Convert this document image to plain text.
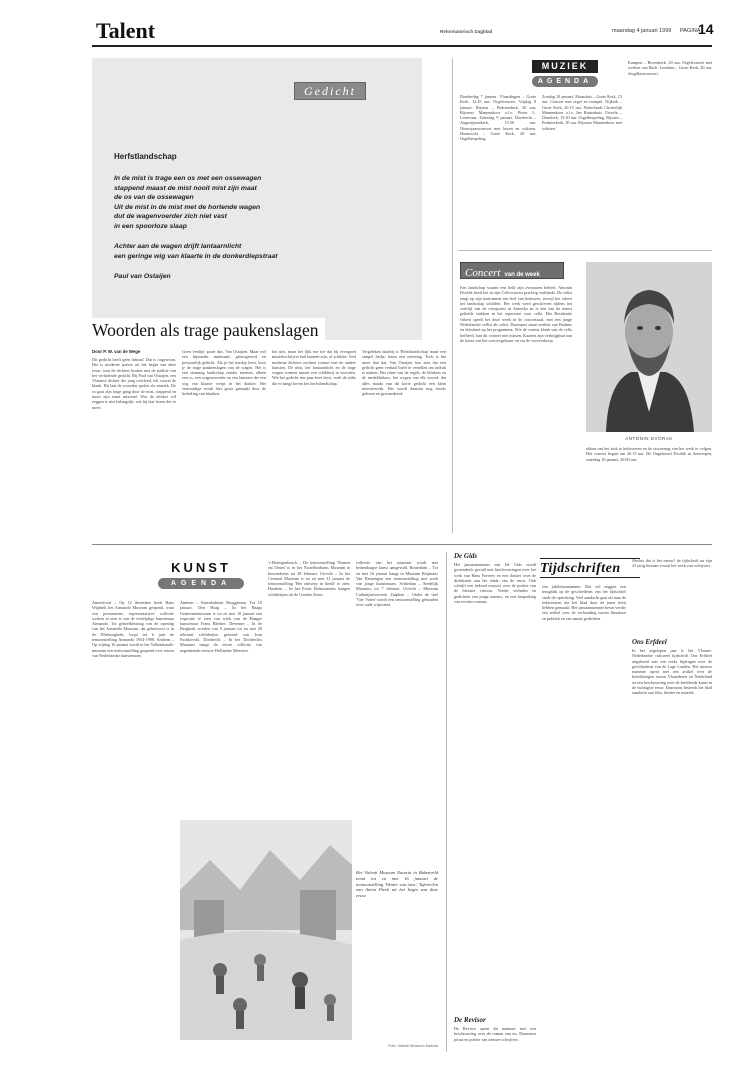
Talent	Reformatorisch Dagblad	maandag 4 januari 1999 PAGINA
14
Gedicht
Herfstlandschap
In de mist is trage een os met een ossewagen
stappend maast de mist nooit mist zijn maat
de os van de ossewagen
Uit de mist in de mist met de hortende wagen
dut de wagenvoerder zich niet vast
in een spoorloze slaap
Achter aan de wagen drijft lantaarnlicht
een geringe wig van klaarte in de donkerdiepstraat
Paul van Ostaijen
Woorden als trage paukenslagen
Door P. W. van de Wege

Dit gedicht heeft geen inhoud. Dat is ongewoon. Het is moderne poëzie uit het begin van deze eeuw, toen de dichters braken met de traditie van het verhalende gedicht. Bij Paul van Ostaijen, een Vlaamse dichter die jong overleed, telt vooral de klank. Hij laat de woorden spelen als muziek. De os gaat zijn trage gang door de mist, stappend en nooit zijn maat missend. Wat de dichter wil zeggen is niet belangrijk; wat hij laat horen des te meer.

Geen 'eenlijn' poort dus. Van Ostaijen. Maar wel een bijzonder minimaal, geheugenvol en persoonlijk gedicht. Als je het hardop leest, hoor je de trage paukenslagen van de wagen. Het is een stemmig landschap zonder mensen, alleen een os, een wagenvoerder en een lantaarn die een wig van klaarte werpt in het donker. Het eenvoudige wordt hier groot gemaakt door de herhaling van klanken.

het niet, maar het lijkt me toe dat hij evengoed muziekschrijver had kunnen zijn, of schilder. Veel moderne dichters zochten contact met de andere kunsten. De mist, het lantaarnlicht en de trage wagen vormen samen een schilderij in woorden. Wie het gedicht een paar keer leest, voelt de stilte die er hangt boven het herfstlandschap.

Vergeleken daarbij is 'Herfstlandschap' maar een simpel liedje, haast een oefening. Toch is het meer dan dat. Van Ostaijen laat zien dat een gedicht geen verhaal hoeft te vertellen om indruk te maken. Het ritme van de regels, de klinkers en de medeklinkers, het wegen van elk woord: dat alles maakt van dit korte gedicht een klein meesterwerk. Het wordt daarom nog steeds gelezen en gewaardeerd.

MUZIEK
AGENDA

Donderdag 7 januari. Vlaardingen – Grote Kerk, 12.45 uur. Orgelconcert. Vrijdag 8 januari. Rijssen – Pinksterkerk, 20 uur, Rijssens Mannenkoor o.l.v. Pieter L. Leentvaar. Zaterdag 9 januari. Dordrecht – Augustijnenkerk, 19.30 uur. Nieuwjaarsconcert met koren en solisten. Haastrecht – Grote Kerk, 20 uur. Orgelbespeling.

Zondag 10 januari. Maassluis – Grote Kerk, 15 uur. Concert met orgel en trompet. Nijkerk – Grote Kerk, 20.15 uur. Nederlands Christelijk Mannenkoor o.l.v. Jan Buitenhuis. Utrecht – Domkerk, 15.30 uur. Orgelbespeling. Rijssen – Pinksterkerk, 20 uur. Rijssens Mannenkoor met solisten.

Kampen – Bovenkerk, 20 uur. Orgelconcert met werken van Bach. Leerdam – Grote Kerk, 20 uur. Jeugdkoorconcert.

Concert van de week

Een landschap waarin een held zijn avonturen beleeft. Antonín Dvořák heeft het in zijn Celloconcert prachtig verklankt. De solist zingt op zijn instrument een lied van heimwee, terwijl het orkest het landschap schildert. Het werk werd geschreven tijdens het verblijf van de componist in Amerika en is een van de meest geliefde stukken in het repertoire voor cello. Het Residentie Orkest speelt het deze week in de concertzaal, met een jonge Nederlandse cellist als solist. Daarnaast staan werken van Brahms en Schubert op het programma. Wie de warme klank van de cello liefheeft, kan dit concert niet missen. Kaarten zijn verkrijgbaar aan de kassa van het concertgebouw en via de voorverkoop.

ANTONIN DVORAK

aldaar om het stuk te beluisteren en de uitvoering van het werk te volgen. Het concert begint om 20.15 uur. De Ongehoord Dvořák in Antwerpen, zaterdag 16 januari, 20.00 uur.

KUNST
AGENDA

Amersfoort – Op 12 december heeft Hans Wijnbelt het Armando Museum geopend, waar een permanente, representatieve collectie werken te zien is van de veelzijdige kunstenaar Armando. Tot geheelkleuring van de opening van het Armando Museum, dat gehuisvest is in de Elleboogkerk, loopt tot 6 juni de tentoonstelling Armando 1954-1998. Arnhem – Op vrijdag 16 januari wordt in het Volkenkunde-museum een tentoonstelling geopend over reizen van Nederlandse kunstenaars.

Amhem – Kunstkabinet Bruggeman. Tot 10 januari. Den Haag – In het Haags Gemeentemuseum is tot en met 10 januari een expositie te zien van werk van de Haagse kunstenaar Frans Bleeker. Deventer – In de Bergkerk worden van 9 januari tot en met 28 februari schilderijen getoond van Ivan Pachkovski. Dordrecht – In het Dordrechts Museum hangt de eerste collectie van negentiende-eeuwse Hollandse Meesters.

's-Hertogenbosch – De tentoonstelling 'Nomen est Omen' is in het Noordbrabants Museum te bewonderen tot 28 februari. Utrecht – In het Centraal Museum is tot en met 31 januari de tentoonstelling 'Het ontwerp in beeld' te zien. Haarlem – In het Frans Halsmuseum hangen schilderijen uit de Gouden Eeuw.

collectie van het museum wordt met hedendaagse kunst aangevuld. Rotterdam – Tot en met 16 januari hangt in Museum Boijmans Van Beuningen een tentoonstelling met werk van jonge kunstenaars. Schiedam – Stedelijk Museum, tot 7 februari. Utrecht – Museum Catharijneconvent. Zutphen – Onder de titel 'Vier Vaten' wordt een tentoonstelling gehouden over oude wijnvaten.

Het Valenti Museum Naturia in Bakenveld toont tot en met 16 januari de tentoonstelling 'Winter van toen'. Tafereelen van Anton Pieck uit het begin van deze eeuw.

Foto: Valenti Museum Naturia
De Gids

Het januarinummer van De Gids wordt grotendeels gevuld met beschouwingen over het werk van Hans Faverey en een dossier over de dichtkunst aan het einde van de eeuw. Ook schrijft een bekend essayist over de positie van de literaire criticus. Verder verhalen en gedichten van jonge auteurs, en een bespreking van recente romans.

De Revisor

De Revisor opent dit nummer met een beschouwing over de roman van nu. Daarnaast proza en poëzie van nieuwe schrijvers.

Tijdschriften

een jubileumnummer. Dat wil zeggen een terugblik op de geschiedenis van het tijdschrift sinds de oprichting. Veel aandacht gaat uit naar de redacteuren die het blad door de jaren heen hebben gemaakt. Het januarinummer bevat verder een artikel over de verhouding tussen literatuur en politiek en een aantal gedichten.

Slechts dat is het nieuw! de tijdschrift na zijn 25 jarig bestaan vooral het werk van schrijvers.

Ons Erfdeel

In het afgelopen jaar is het Vlaams-Nederlandse cultureel tijdschrift Ons Erfdeel uitgebreid met een reeks bijdragen over de geschiedenis van de Lage Landen. Het nieuwe nummer opent met een artikel over de betrekkingen tussen Vlaanderen en Nederland en een beschouwing over de beeldende kunst in de twintigste eeuw. Daarnaast besteedt het blad aandacht aan film, theater en muziek.
